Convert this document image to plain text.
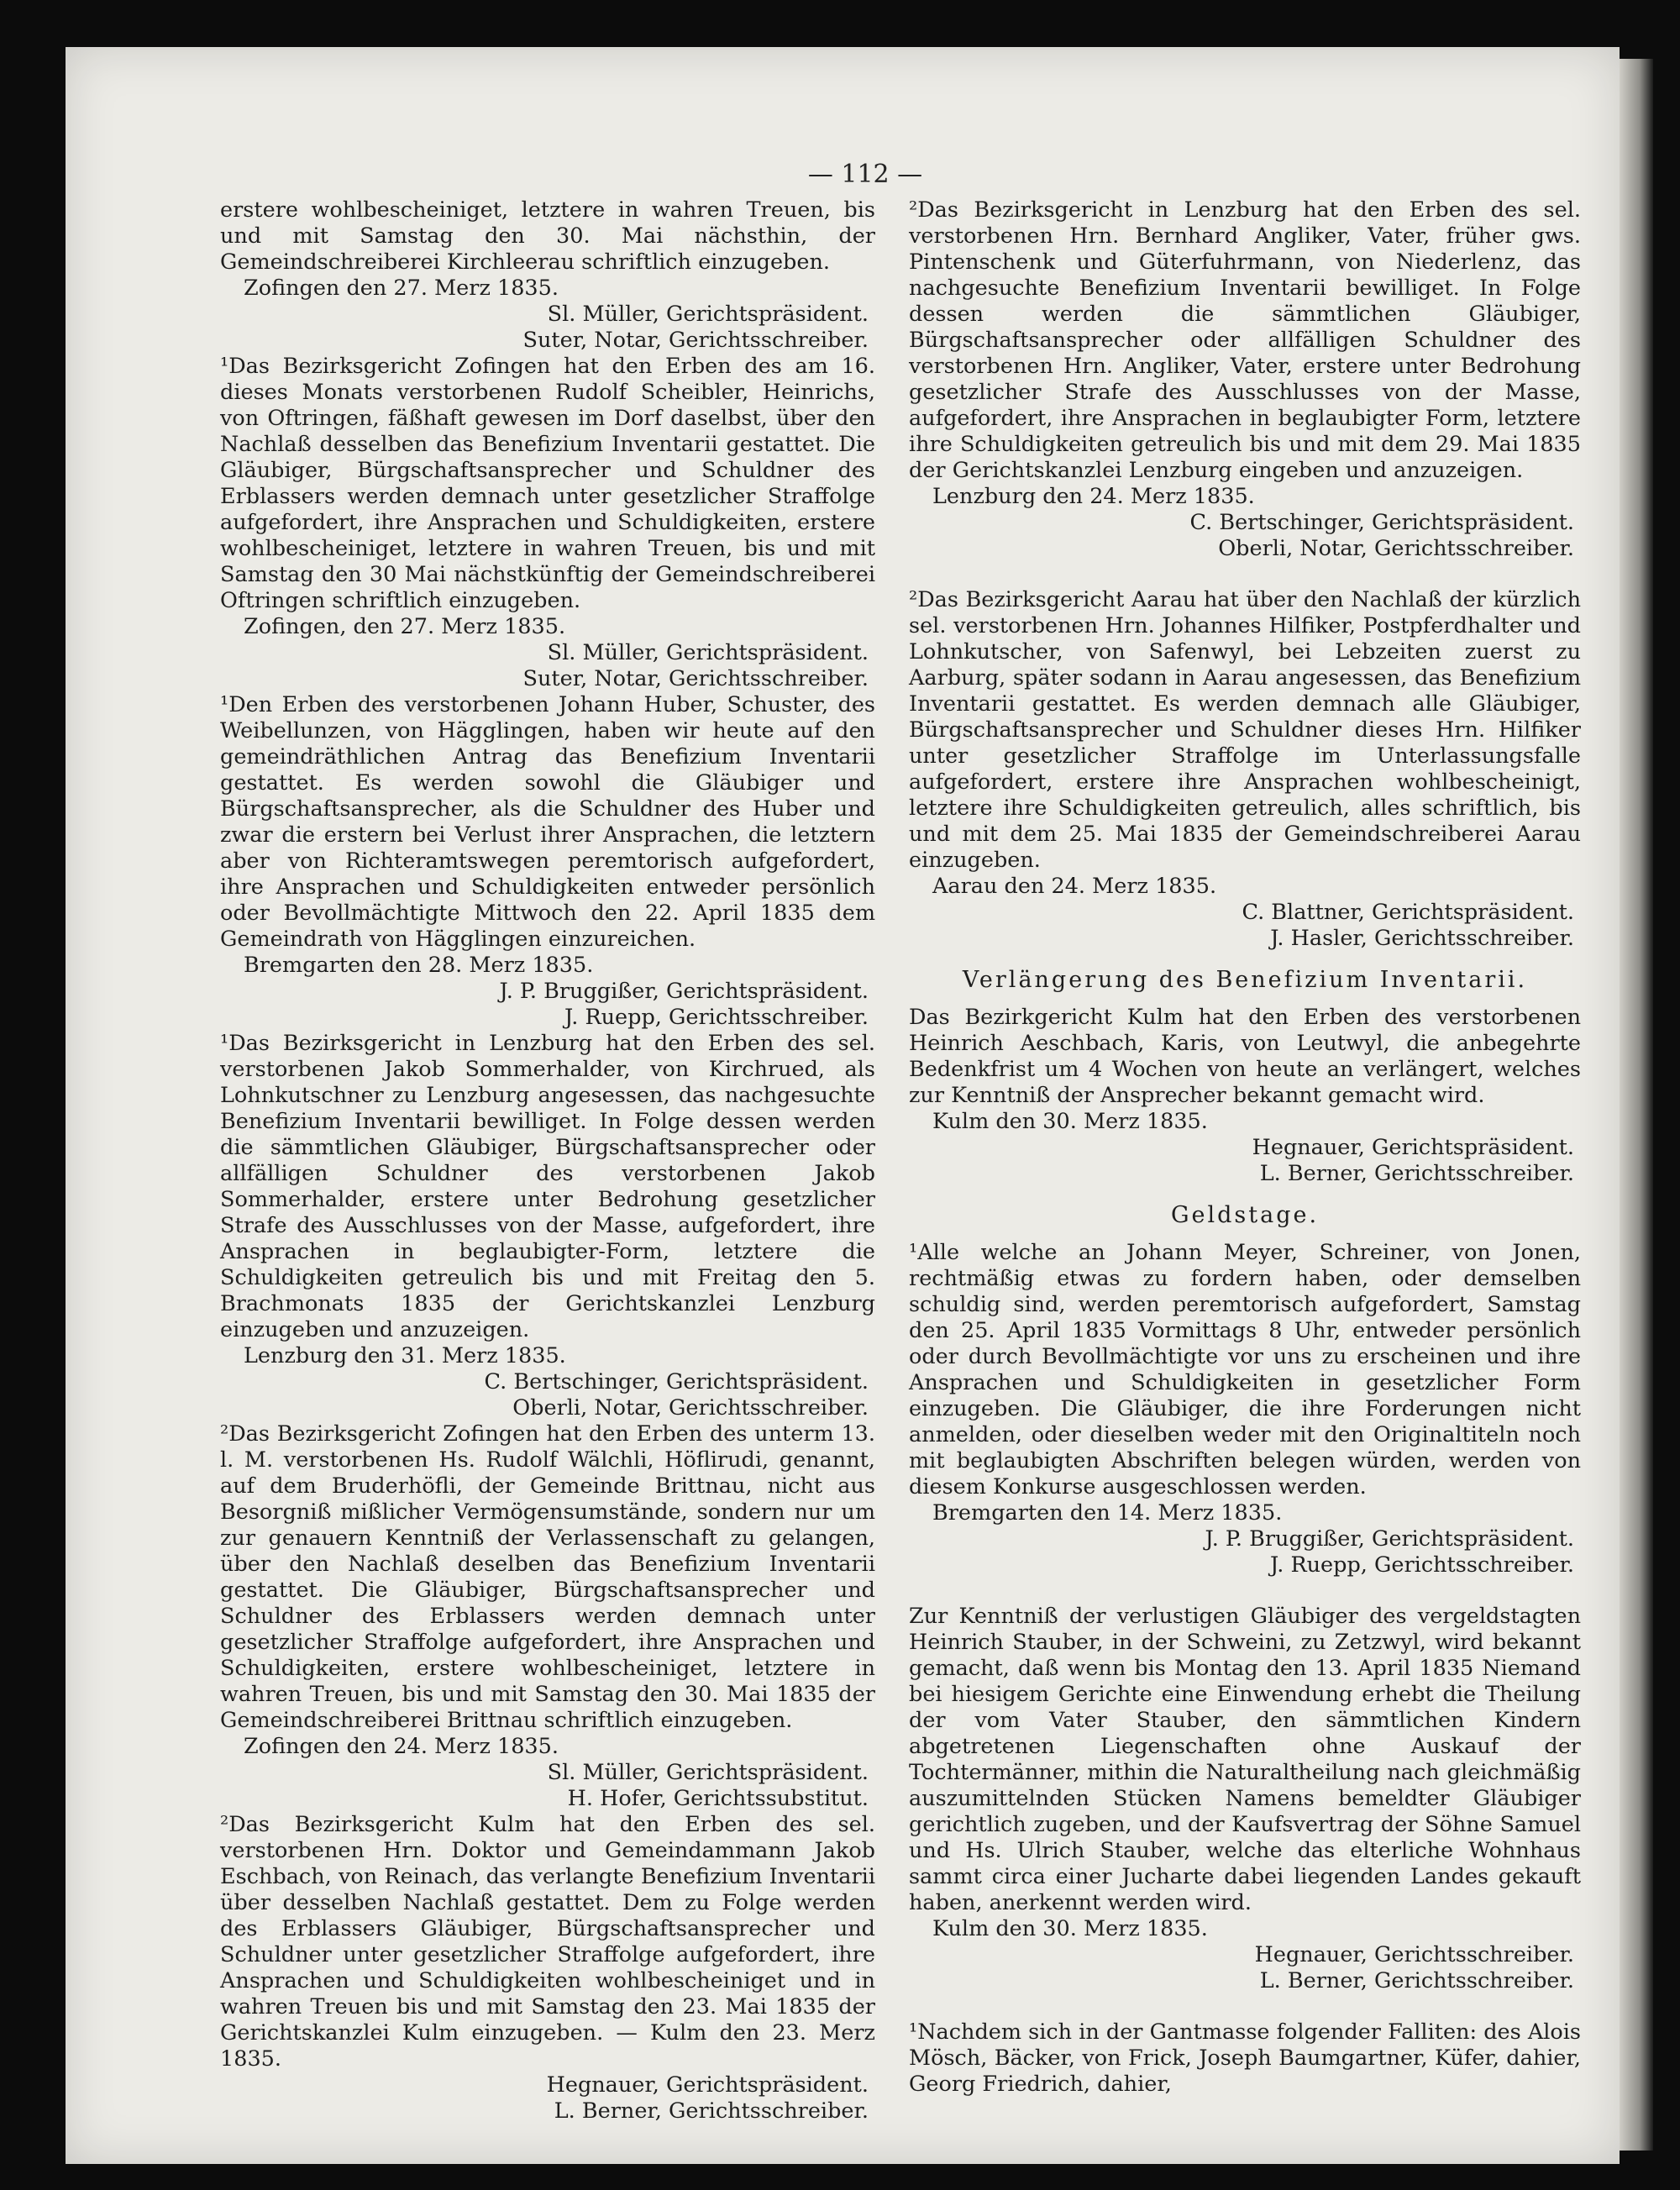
— 112 —

erstere wohlbescheiniget, letztere in wahren Treuen, bis und mit Samstag den 30. Mai nächsthin, der Gemeindschreiberei Kirchleerau schriftlich einzugeben.

Zofingen den 27. Merz 1835.

Sl. Müller, Gerichtspräsident.

Suter, Notar, Gerichtsschreiber.

¹Das Bezirksgericht Zofingen hat den Erben des am 16. dieses Monats verstorbenen Rudolf Scheibler, Heinrichs, von Oftringen, fäßhaft gewesen im Dorf daselbst, über den Nachlaß desselben das Benefizium Inventarii gestattet. Die Gläubiger, Bürgschaftsansprecher und Schuldner des Erblassers werden demnach unter gesetzlicher Straffolge aufgefordert, ihre Ansprachen und Schuldigkeiten, erstere wohlbescheiniget, letztere in wahren Treuen, bis und mit Samstag den 30 Mai nächstkünftig der Gemeindschreiberei Oftringen schriftlich einzugeben.

Zofingen, den 27. Merz 1835.

Sl. Müller, Gerichtspräsident.

Suter, Notar, Gerichtsschreiber.

¹Den Erben des verstorbenen Johann Huber, Schuster, des Weibellunzen, von Hägglingen, haben wir heute auf den gemeindräthlichen Antrag das Benefizium Inventarii gestattet. Es werden sowohl die Gläubiger und Bürgschaftsansprecher, als die Schuldner des Huber und zwar die erstern bei Verlust ihrer Ansprachen, die letztern aber von Richteramtswegen peremtorisch aufgefordert, ihre Ansprachen und Schuldigkeiten entweder persönlich oder Bevollmächtigte Mittwoch den 22. April 1835 dem Gemeindrath von Hägglingen einzureichen.

Bremgarten den 28. Merz 1835.

J. P. Bruggißer, Gerichtspräsident.

J. Ruepp, Gerichtsschreiber.

¹Das Bezirksgericht in Lenzburg hat den Erben des sel. verstorbenen Jakob Sommerhalder, von Kirchrued, als Lohnkutschner zu Lenzburg angesessen, das nachgesuchte Benefizium Inventarii bewilliget. In Folge dessen werden die sämmtlichen Gläubiger, Bürgschaftsansprecher oder allfälligen Schuldner des verstorbenen Jakob Sommerhalder, erstere unter Bedrohung gesetzlicher Strafe des Ausschlusses von der Masse, aufgefordert, ihre Ansprachen in beglaubigter-Form, letztere die Schuldigkeiten getreulich bis und mit Freitag den 5. Brachmonats 1835 der Gerichtskanzlei Lenzburg einzugeben und anzuzeigen.

Lenzburg den 31. Merz 1835.

C. Bertschinger, Gerichtspräsident.

Oberli, Notar, Gerichtsschreiber.

²Das Bezirksgericht Zofingen hat den Erben des unterm 13. l. M. verstorbenen Hs. Rudolf Wälchli, Höflirudi, genannt, auf dem Bruderhöfli, der Gemeinde Brittnau, nicht aus Besorgniß mißlicher Vermögensumstände, sondern nur um zur genauern Kenntniß der Verlassenschaft zu gelangen, über den Nachlaß deselben das Benefizium Inventarii gestattet. Die Gläubiger, Bürgschaftsansprecher und Schuldner des Erblassers werden demnach unter gesetzlicher Straffolge aufgefordert, ihre Ansprachen und Schuldigkeiten, erstere wohlbescheiniget, letztere in wahren Treuen, bis und mit Samstag den 30. Mai 1835 der Gemeindschreiberei Brittnau schriftlich einzugeben.

Zofingen den 24. Merz 1835.

Sl. Müller, Gerichtspräsident.

H. Hofer, Gerichtssubstitut.

²Das Bezirksgericht Kulm hat den Erben des sel. verstorbenen Hrn. Doktor und Gemeindammann Jakob Eschbach, von Reinach, das verlangte Benefizium Inventarii über desselben Nachlaß gestattet. Dem zu Folge werden des Erblassers Gläubiger, Bürgschaftsansprecher und Schuldner unter gesetzlicher Straffolge aufgefordert, ihre Ansprachen und Schuldigkeiten wohlbescheiniget und in wahren Treuen bis und mit Samstag den 23. Mai 1835 der Gerichtskanzlei Kulm einzugeben. — Kulm den 23. Merz 1835.

Hegnauer, Gerichtspräsident.

L. Berner, Gerichtsschreiber.

²Das Bezirksgericht in Lenzburg hat den Erben des sel. verstorbenen Hrn. Bernhard Angliker, Vater, früher gws. Pintenschenk und Güterfuhrmann, von Niederlenz, das nachgesuchte Benefizium Inventarii bewilliget. In Folge dessen werden die sämmtlichen Gläubiger, Bürgschaftsansprecher oder allfälligen Schuldner des verstorbenen Hrn. Angliker, Vater, erstere unter Bedrohung gesetzlicher Strafe des Ausschlusses von der Masse, aufgefordert, ihre Ansprachen in beglaubigter Form, letztere ihre Schuldigkeiten getreulich bis und mit dem 29. Mai 1835 der Gerichtskanzlei Lenzburg eingeben und anzuzeigen.

Lenzburg den 24. Merz 1835.

C. Bertschinger, Gerichtspräsident.

Oberli, Notar, Gerichtsschreiber.

²Das Bezirksgericht Aarau hat über den Nachlaß der kürzlich sel. verstorbenen Hrn. Johannes Hilfiker, Postpferdhalter und Lohnkutscher, von Safenwyl, bei Lebzeiten zuerst zu Aarburg, später sodann in Aarau angesessen, das Benefizium Inventarii gestattet. Es werden demnach alle Gläubiger, Bürgschaftsansprecher und Schuldner dieses Hrn. Hilfiker unter gesetzlicher Straffolge im Unterlassungsfalle aufgefordert, erstere ihre Ansprachen wohlbescheinigt, letztere ihre Schuldigkeiten getreulich, alles schriftlich, bis und mit dem 25. Mai 1835 der Gemeindschreiberei Aarau einzugeben.

Aarau den 24. Merz 1835.

C. Blattner, Gerichtspräsident.

J. Hasler, Gerichtsschreiber.

Verlängerung des Benefizium Inventarii.

Das Bezirkgericht Kulm hat den Erben des verstorbenen Heinrich Aeschbach, Karis, von Leutwyl, die anbegehrte Bedenkfrist um 4 Wochen von heute an verlängert, welches zur Kenntniß der Ansprecher bekannt gemacht wird.

Kulm den 30. Merz 1835.

Hegnauer, Gerichtspräsident.

L. Berner, Gerichtsschreiber.

Geldstage.

¹Alle welche an Johann Meyer, Schreiner, von Jonen, rechtmäßig etwas zu fordern haben, oder demselben schuldig sind, werden peremtorisch aufgefordert, Samstag den 25. April 1835 Vormittags 8 Uhr, entweder persönlich oder durch Bevollmächtigte vor uns zu erscheinen und ihre Ansprachen und Schuldigkeiten in gesetzlicher Form einzugeben. Die Gläubiger, die ihre Forderungen nicht anmelden, oder dieselben weder mit den Originaltiteln noch mit beglaubigten Abschriften belegen würden, werden von diesem Konkurse ausgeschlossen werden.

Bremgarten den 14. Merz 1835.

J. P. Bruggißer, Gerichtspräsident.

J. Ruepp, Gerichtsschreiber.

Zur Kenntniß der verlustigen Gläubiger des vergeldstagten Heinrich Stauber, in der Schweini, zu Zetzwyl, wird bekannt gemacht, daß wenn bis Montag den 13. April 1835 Niemand bei hiesigem Gerichte eine Einwendung erhebt die Theilung der vom Vater Stauber, den sämmtlichen Kindern abgetretenen Liegenschaften ohne Auskauf der Tochtermänner, mithin die Naturaltheilung nach gleichmäßig auszumittelnden Stücken Namens bemeldter Gläubiger gerichtlich zugeben, und der Kaufsvertrag der Söhne Samuel und Hs. Ulrich Stauber, welche das elterliche Wohnhaus sammt circa einer Jucharte dabei liegenden Landes gekauft haben, anerkennt werden wird.

Kulm den 30. Merz 1835.

Hegnauer, Gerichtsschreiber.

L. Berner, Gerichtsschreiber.

¹Nachdem sich in der Gantmasse folgender Falliten: des Alois Mösch, Bäcker, von Frick, Joseph Baumgartner, Küfer, dahier, Georg Friedrich, dahier,
